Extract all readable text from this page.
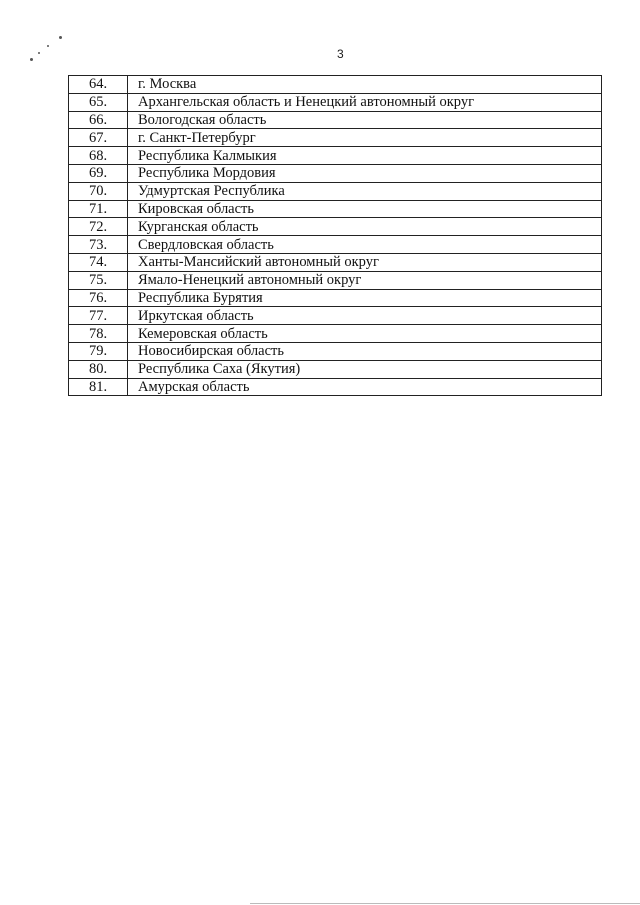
3
64.	г. Москва
65.	Архангельская область и Ненецкий автономный округ
66.	Вологодская область
67.	г. Санкт-Петербург
68.	Республика Калмыкия
69.	Республика Мордовия
70.	Удмуртская Республика
71.	Кировская область
72.	Курганская область
73.	Свердловская область
74.	Ханты-Мансийский автономный округ
75.	Ямало-Ненецкий автономный округ
76.	Республика Бурятия
77.	Иркутская область
78.	Кемеровская область
79.	Новосибирская область
80.	Республика Саха (Якутия)
81.	Амурская область
